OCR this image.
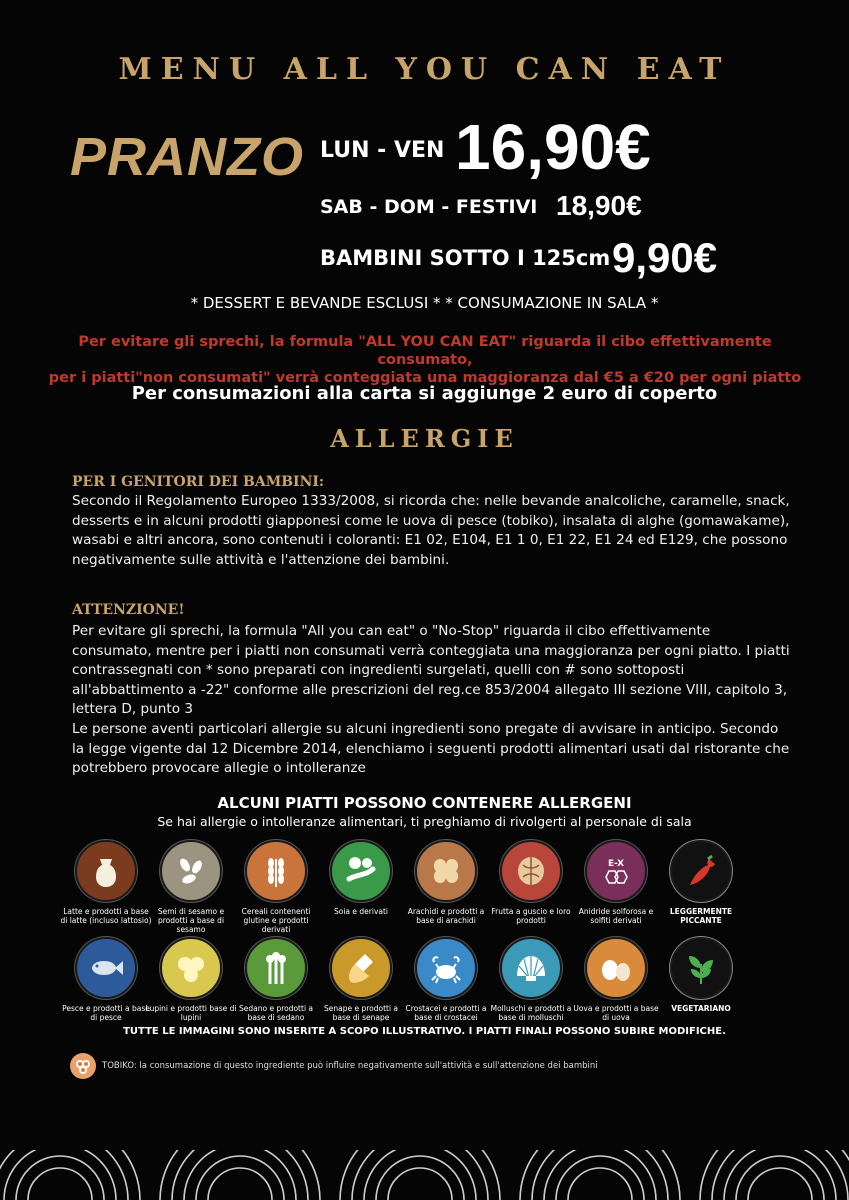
MENU ALL YOU CAN EAT
PRANZO LUN - VEN 16,90€
SAB - DOM - FESTIVI 18,90€
BAMBINI SOTTO I 125cm 9,90€
* DESSERT E BEVANDE ESCLUSI * * CONSUMAZIONE IN SALA *
Per evitare gli sprechi, la formula "ALL YOU CAN EAT" riguarda il cibo effettivamente consumato,
per i piatti"non consumati" verrà conteggiata una maggioranza dal €5 a €20 per ogni piatto
Per consumazioni alla carta si aggiunge 2 euro di coperto
ALLERGIE
PER I GENITORI DEI BAMBINI:
Secondo il Regolamento Europeo 1333/2008, si ricorda che: nelle bevande analcoliche, caramelle, snack, desserts e in alcuni prodotti giapponesi come le uova di pesce (tobiko), insalata di alghe (gomawakame), wasabi e altri ancora, sono contenuti i coloranti: E1 02, E104, E1 1 0, E1 22, E1 24 ed E129, che possono negativamente sulle attività e l'attenzione dei bambini.
ATTENZIONE!
Per evitare gli sprechi, la formula "All you can eat" o "No-Stop" riguarda il cibo effettivamente consumato, mentre per i piatti non consumati verrà conteggiata una maggioranza per ogni piatto. I piatti contrassegnati con * sono preparati con ingredienti surgelati, quelli con # sono sottoposti all'abbattimento a -22" conforme alle prescrizioni del reg.ce 853/2004 allegato III sezione VIII, capitolo 3, lettera D, punto 3
Le persone aventi particolari allergie su alcuni ingredienti sono pregate di avvisare in anticipo. Secondo la legge vigente dal 12 Dicembre 2014, elenchiamo i seguenti prodotti alimentari usati dal ristorante che potrebbero provocare allegie o intolleranze
ALCUNI PIATTI POSSONO CONTENERE ALLERGENI
Se hai allergie o intolleranze alimentari, ti preghiamo di rivolgerti al personale di sala
Latte e prodotti a base di latte (incluso lattosio)
Semi di sesamo e prodotti a base di sesamo
Cereali contenenti glutine e prodotti derivati
Soia e derivati	Arachidi e prodotti a base di arachidi
Frutta a guscio e loro prodotti
E-X
Anidride solforosa e solfiti derivati
LEGGERMENTE PICCANTE
Pesce e prodotti a base di pesce
Lupini e prodotti base di lupini
Sedano e prodotti a base di sedano
Senape e prodotti a base di senape
Crostacei e prodotti a base di crostacei
Molluschi e prodotti a base di molluschi
Uova e prodotti a base di uova
VEGETARIANO
TUTTE LE IMMAGINI SONO INSERITE A SCOPO ILLUSTRATIVO. I PIATTI FINALI POSSONO SUBIRE MODIFICHE.
TOBIKO: la consumazione di questo ingrediente può influire negativamente sull'attività e sull'attenzione dei bambini
